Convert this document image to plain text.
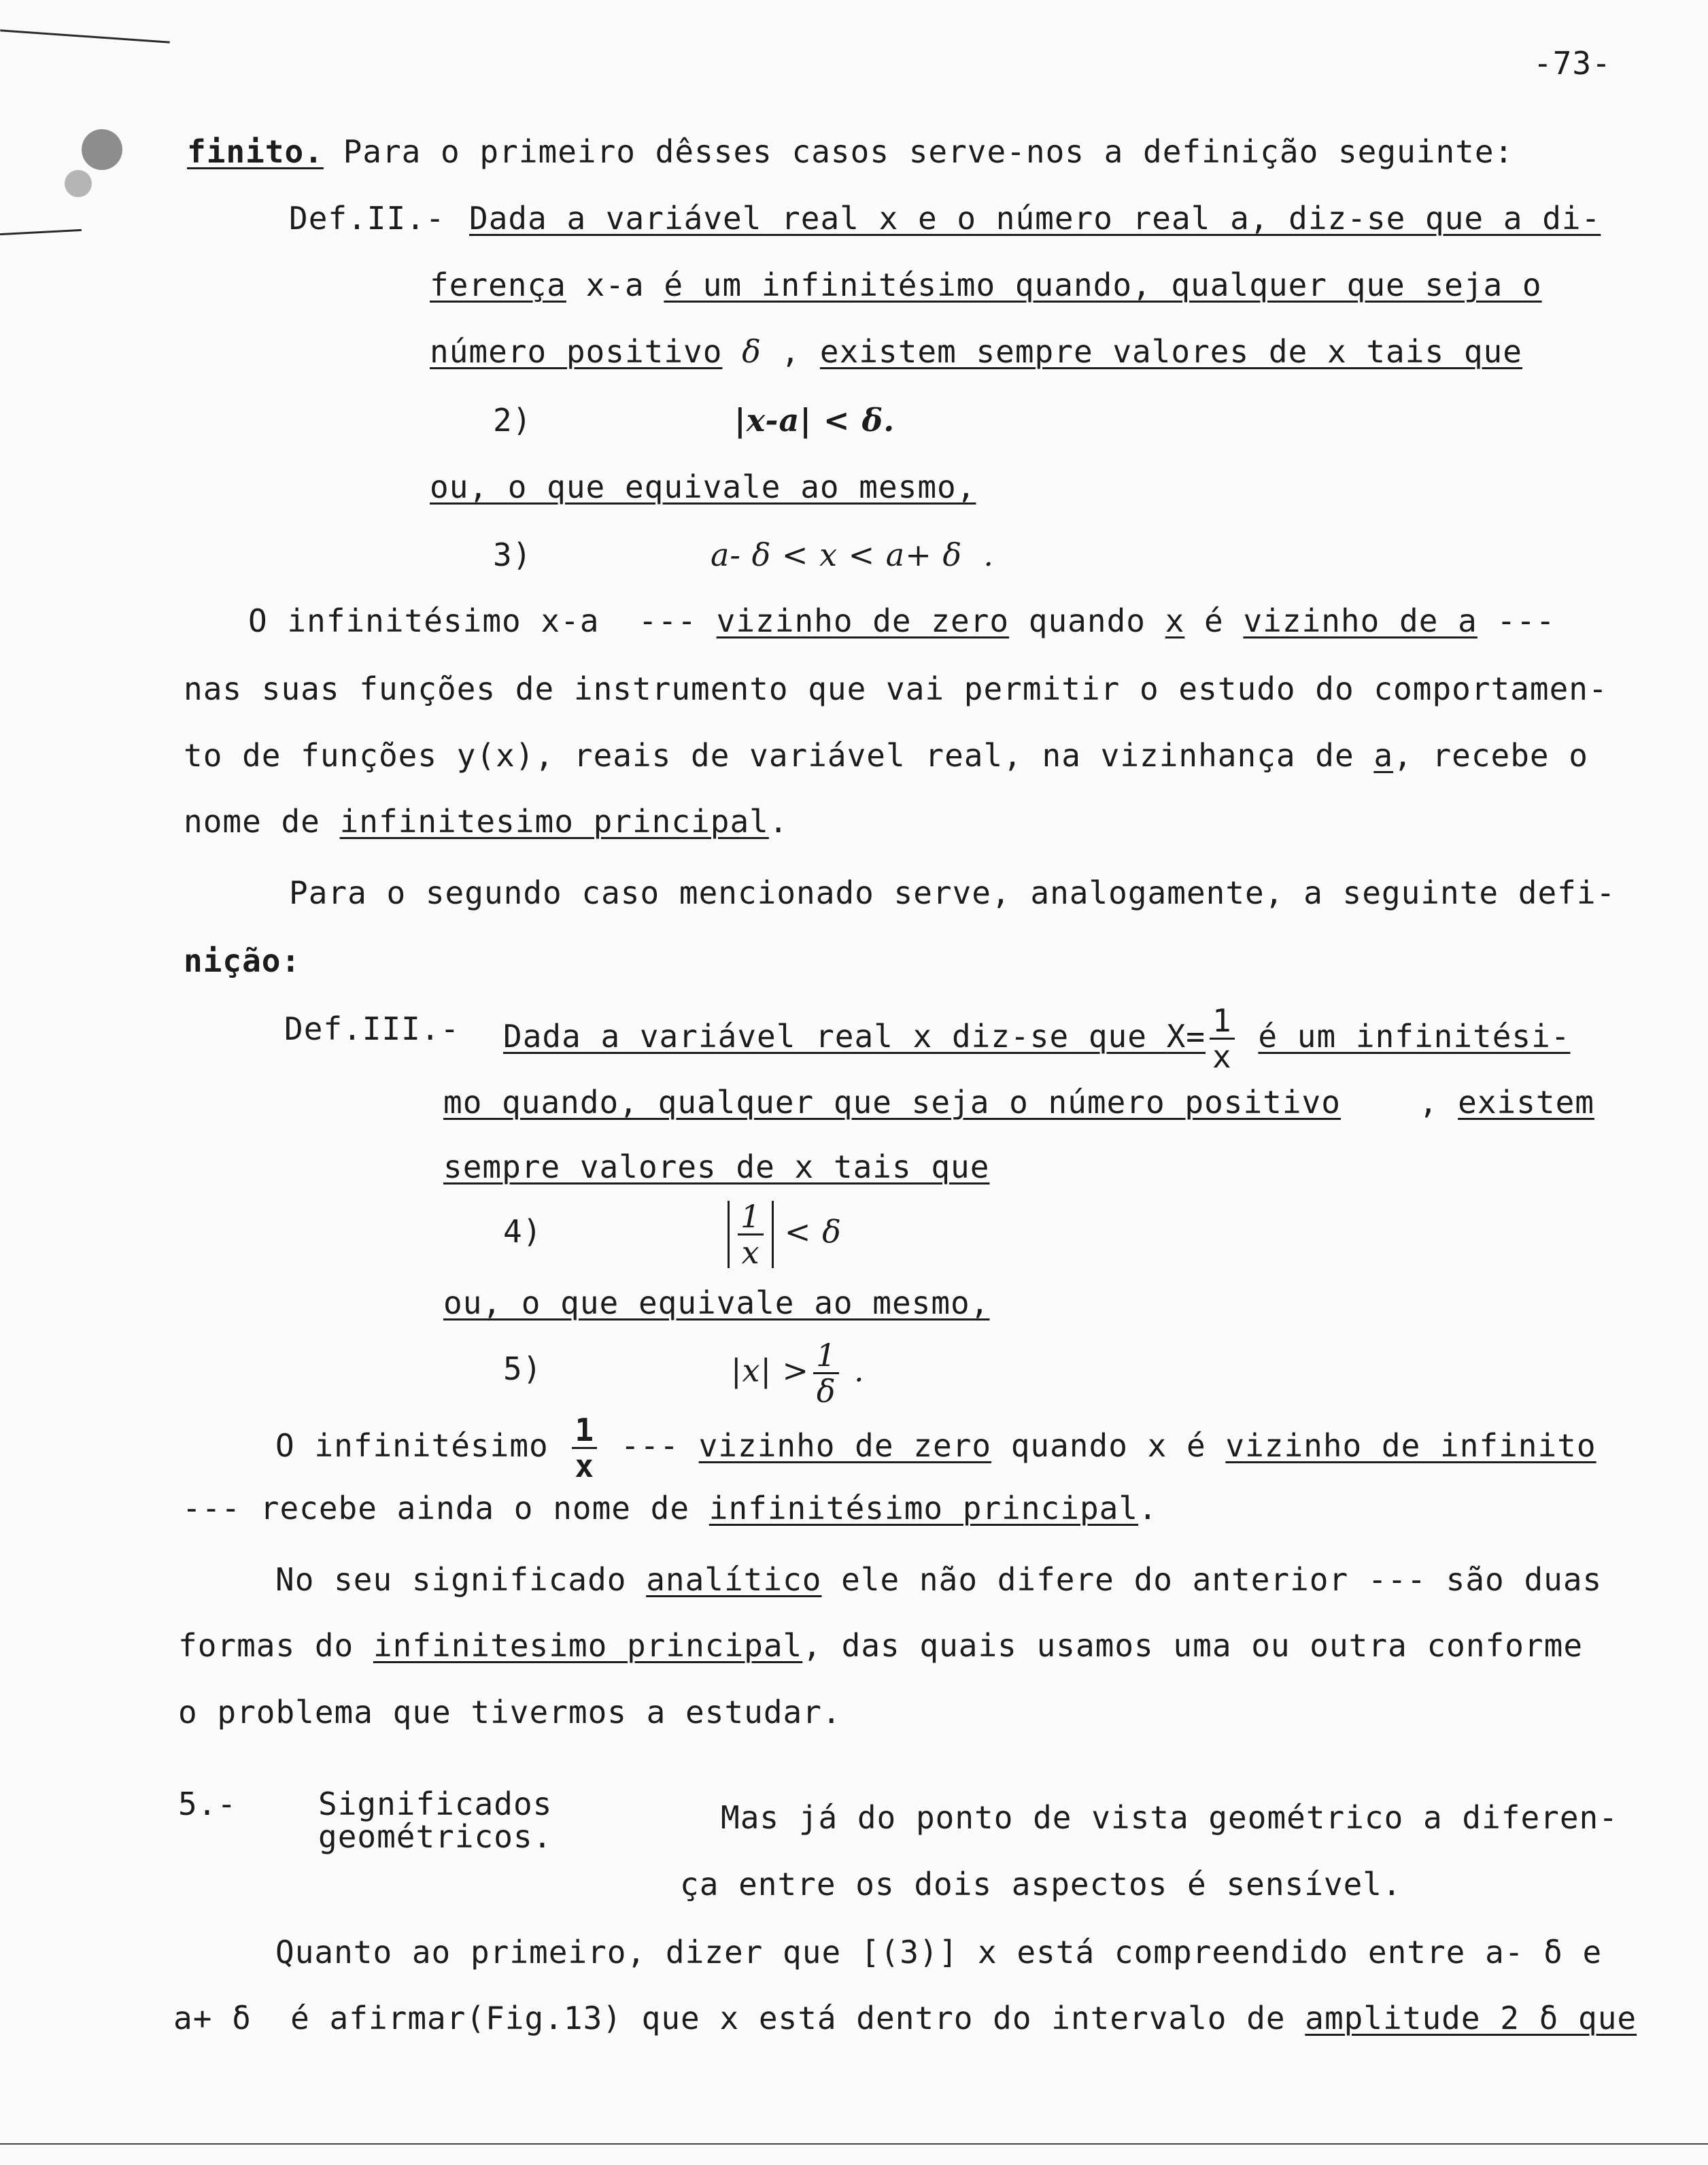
-73-
finito. Para o primeiro dêsses casos serve-nos a definição seguinte:
Def.II.- Dada a variável real x e o número real a, diz-se que a di-
ferença x-a é um infinitésimo quando, qualquer que seja o
número positivo δ , existem sempre valores de x tais que
2)	|x-a| < δ.
ou, o que equivale ao mesmo,
3)	a- δ < x < a+ δ  .
O infinitésimo x-a  --- vizinho de zero quando x é vizinho de a ---
nas suas funções de instrumento que vai permitir o estudo do comportamen-
to de funções y(x), reais de variável real, na vizinhança de a, recebe o
nome de infinitesimo principal.
Para o segundo caso mencionado serve, analogamente, a seguinte defi-
nição:
Def.III.- Dada a variável real x diz-se que $X= \frac{1}{x}$ é um infinitési-
mo quando, qualquer que seja o número positivo    , existem
sempre valores de x tais que
4)	$\frac{1}{x} < \delta$
ou, o que equivale ao mesmo,
5)	$|x| > \frac{1}{\delta}$ .
O infinitésimo $\frac{1}{x}$ --- vizinho de zero quando x é vizinho de infinito
--- recebe ainda o nome de infinitésimo principal.
No seu significado analítico ele não difere do anterior --- são duas
formas do infinitesimo principal, das quais usamos uma ou outra conforme
o problema que tivermos a estudar.
5.-	Significados
geométricos.
Mas já do ponto de vista geométrico a diferen-
ça entre os dois aspectos é sensível.
Quanto ao primeiro, dizer que [(3)] x está compreendido entre a- δ e
a+ δ  é afirmar(Fig.13) que x está dentro do intervalo de amplitude 2 δ que
